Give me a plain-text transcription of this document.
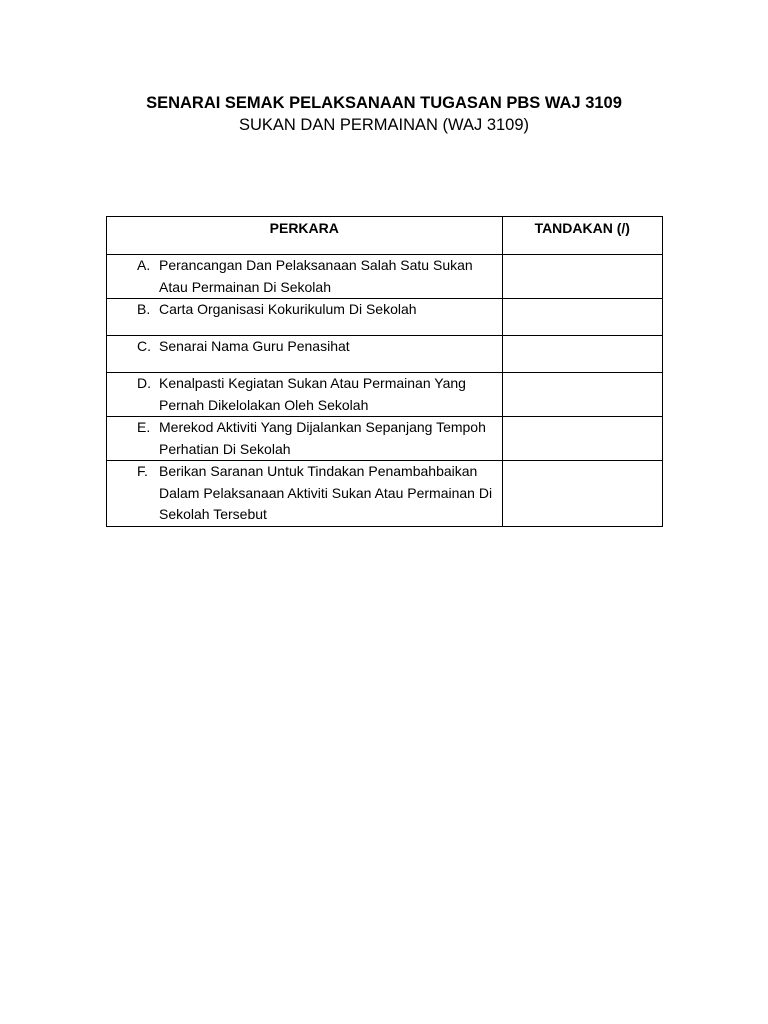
SENARAI SEMAK PELAKSANAAN TUGASAN PBS WAJ 3109
SUKAN DAN PERMAINAN (WAJ 3109)
PERKARA	TANDAKAN (/)

A. Perancangan Dan Pelaksanaan Salah Satu Sukan Atau Permainan Di Sekolah	

B. Carta Organisasi Kokurikulum Di Sekolah	

C. Senarai Nama Guru Penasihat	

D. Kenalpasti Kegiatan Sukan Atau Permainan Yang Pernah Dikelolakan Oleh Sekolah	

E. Merekod Aktiviti Yang Dijalankan Sepanjang Tempoh Perhatian Di Sekolah	

F. Berikan Saranan Untuk Tindakan Penambahbaikan Dalam Pelaksanaan Aktiviti Sukan Atau Permainan Di Sekolah Tersebut	
